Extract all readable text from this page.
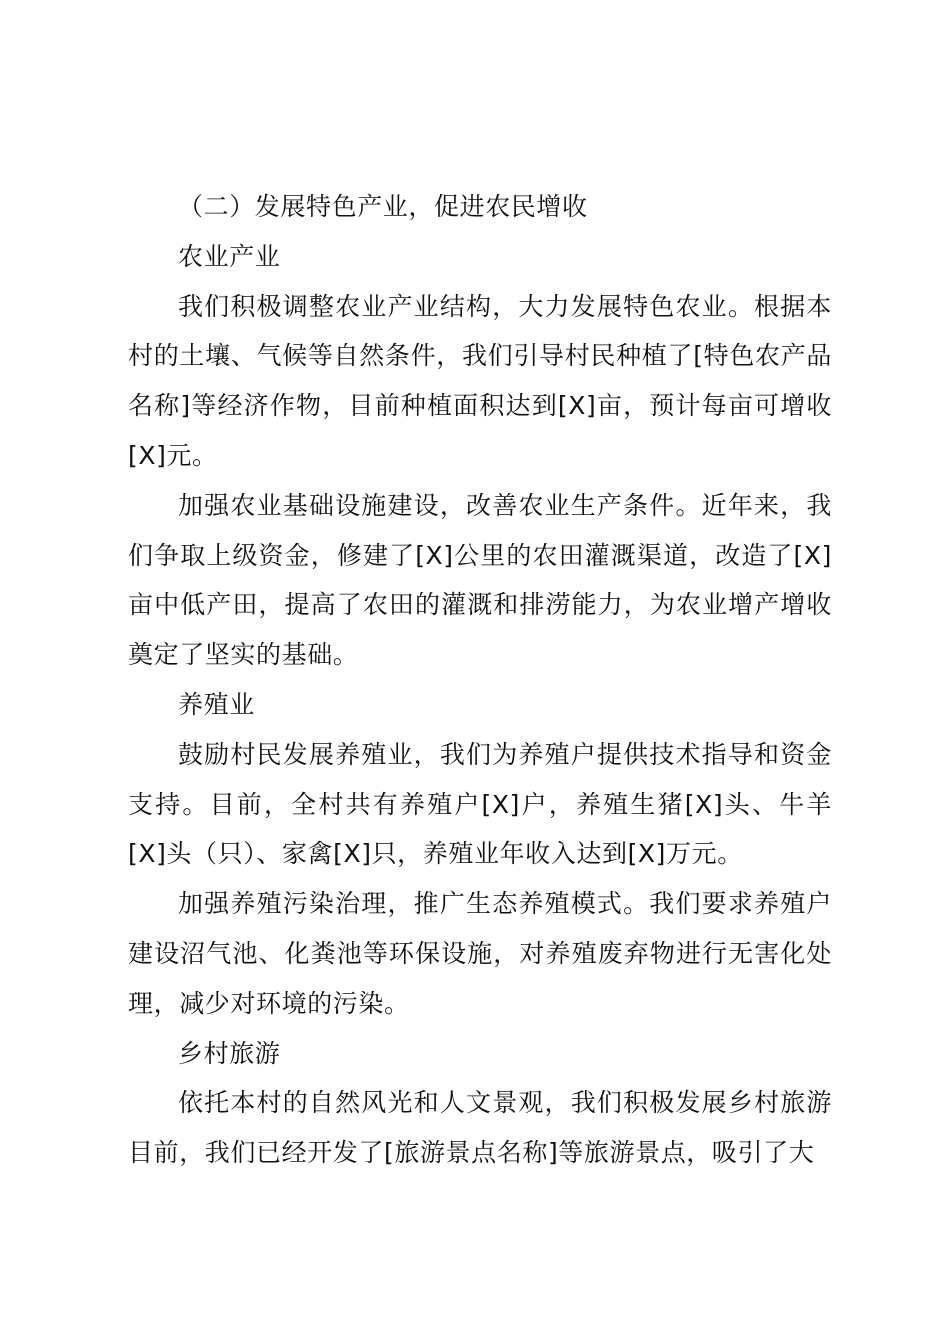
（二）发展特色产业，促进农民增收

农业产业

我们积极调整农业产业结构，大力发展特色农业。根据本村的土壤、气候等自然条件，我们引导村民种植了[特色农产品名称]等经济作物，目前种植面积达到[X]亩，预计每亩可增收[X]元。

加强农业基础设施建设，改善农业生产条件。近年来，我们争取上级资金，修建了[X]公里的农田灌溉渠道，改造了[X]亩中低产田，提高了农田的灌溉和排涝能力，为农业增产增收奠定了坚实的基础。

养殖业

鼓励村民发展养殖业，我们为养殖户提供技术指导和资金支持。目前，全村共有养殖户[X]户，养殖生猪[X]头、牛羊[X]头（只）、家禽[X]只，养殖业年收入达到[X]万元。

加强养殖污染治理，推广生态养殖模式。我们要求养殖户建设沼气池、化粪池等环保设施，对养殖废弃物进行无害化处理，减少对环境的污染。

乡村旅游

依托本村的自然风光和人文景观，我们积极发展乡村旅游目前，我们已经开发了[旅游景点名称]等旅游景点，吸引了大
